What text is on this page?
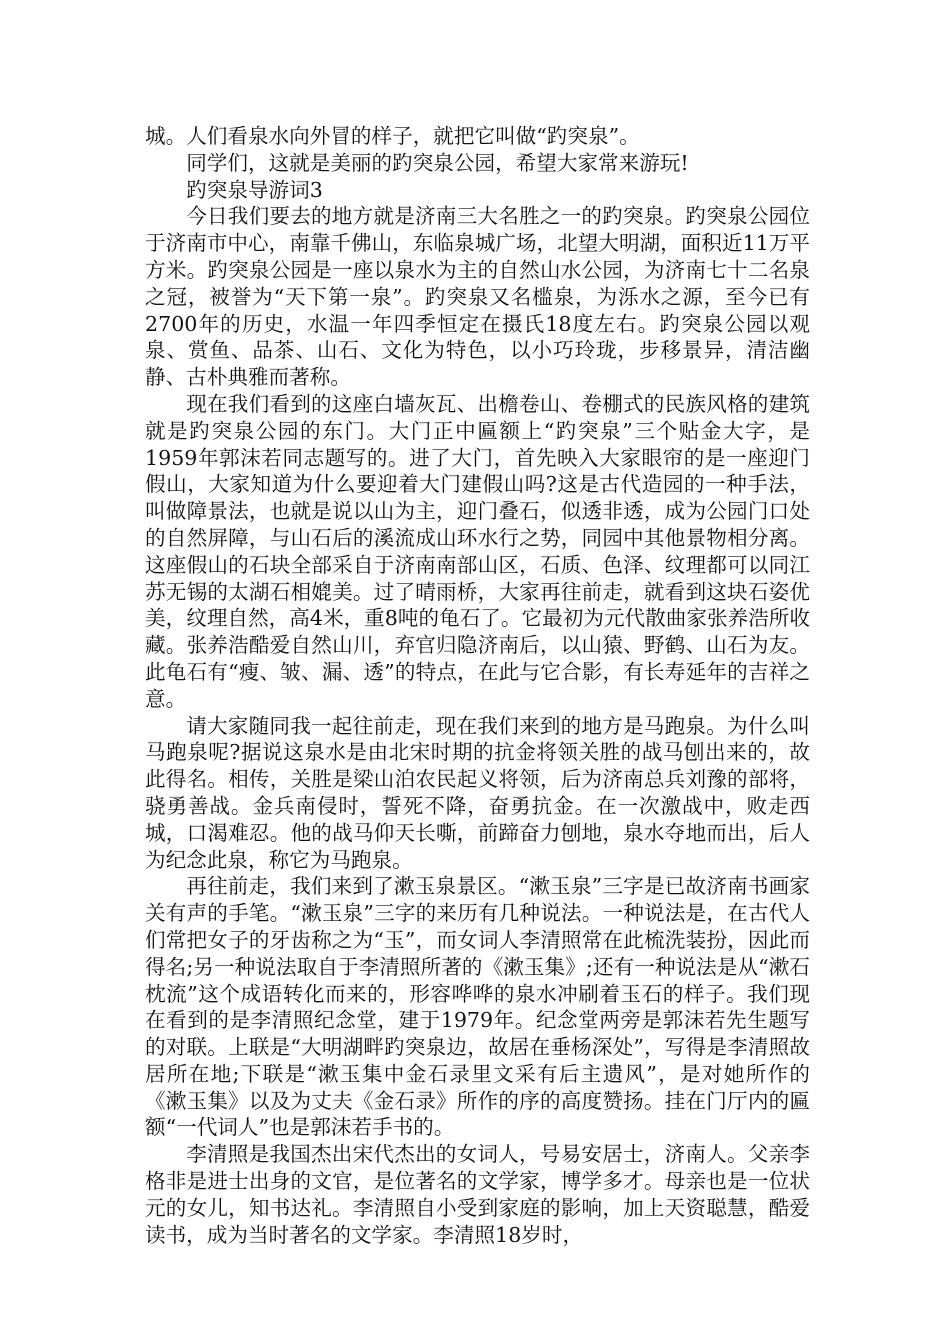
城。人们看泉水向外冒的样子，就把它叫做“趵突泉”。

同学们，这就是美丽的趵突泉公园，希望大家常来游玩!

趵突泉导游词3

今日我们要去的地方就是济南三大名胜之一的趵突泉。趵突泉公园位于济南市中心，南靠千佛山，东临泉城广场，北望大明湖，面积近11万平方米。趵突泉公园是一座以泉水为主的自然山水公园，为济南七十二名泉之冠，被誉为“天下第一泉”。趵突泉又名槛泉，为泺水之源，至今已有2700年的历史，水温一年四季恒定在摄氏18度左右。趵突泉公园以观泉、赏鱼、品茶、山石、文化为特色，以小巧玲珑，步移景异，清洁幽静、古朴典雅而著称。

现在我们看到的这座白墙灰瓦、出檐卷山、卷棚式的民族风格的建筑就是趵突泉公园的东门。大门正中匾额上“趵突泉”三个贴金大字，是1959年郭沫若同志题写的。进了大门，首先映入大家眼帘的是一座迎门假山，大家知道为什么要迎着大门建假山吗?这是古代造园的一种手法，叫做障景法，也就是说以山为主，迎门叠石，似透非透，成为公园门口处的自然屏障，与山石后的溪流成山环水行之势，同园中其他景物相分离。这座假山的石块全部采自于济南南部山区，石质、色泽、纹理都可以同江苏无锡的太湖石相媲美。过了晴雨桥，大家再往前走，就看到这块石姿优美，纹理自然，高4米，重8吨的龟石了。它最初为元代散曲家张养浩所收藏。张养浩酷爱自然山川，弃官归隐济南后，以山猿、野鹤、山石为友。此龟石有“瘦、皱、漏、透”的特点，在此与它合影，有长寿延年的吉祥之意。

请大家随同我一起往前走，现在我们来到的地方是马跑泉。为什么叫马跑泉呢?据说这泉水是由北宋时期的抗金将领关胜的战马刨出来的，故此得名。相传，关胜是梁山泊农民起义将领，后为济南总兵刘豫的部将，骁勇善战。金兵南侵时，誓死不降，奋勇抗金。在一次激战中，败走西城，口渴难忍。他的战马仰天长嘶，前蹄奋力刨地，泉水夺地而出，后人为纪念此泉，称它为马跑泉。

再往前走，我们来到了漱玉泉景区。“漱玉泉”三字是已故济南书画家关有声的手笔。“漱玉泉”三字的来历有几种说法。一种说法是，在古代人们常把女子的牙齿称之为“玉”，而女词人李清照常在此梳洗装扮，因此而得名;另一种说法取自于李清照所著的《漱玉集》;还有一种说法是从“漱石枕流”这个成语转化而来的，形容哗哗的泉水冲刷着玉石的样子。我们现在看到的是李清照纪念堂，建于1979年。纪念堂两旁是郭沫若先生题写的对联。上联是“大明湖畔趵突泉边，故居在垂杨深处”，写得是李清照故居所在地;下联是“漱玉集中金石录里文采有后主遗风”，是对她所作的《漱玉集》以及为丈夫《金石录》所作的序的高度赞扬。挂在门厅内的匾额“一代词人”也是郭沫若手书的。

李清照是我国杰出宋代杰出的女词人，号易安居士，济南人。父亲李格非是进士出身的文官，是位著名的文学家，博学多才。母亲也是一位状元的女儿，知书达礼。李清照自小受到家庭的影响，加上天资聪慧，酷爱读书，成为当时著名的文学家。李清照18岁时，
